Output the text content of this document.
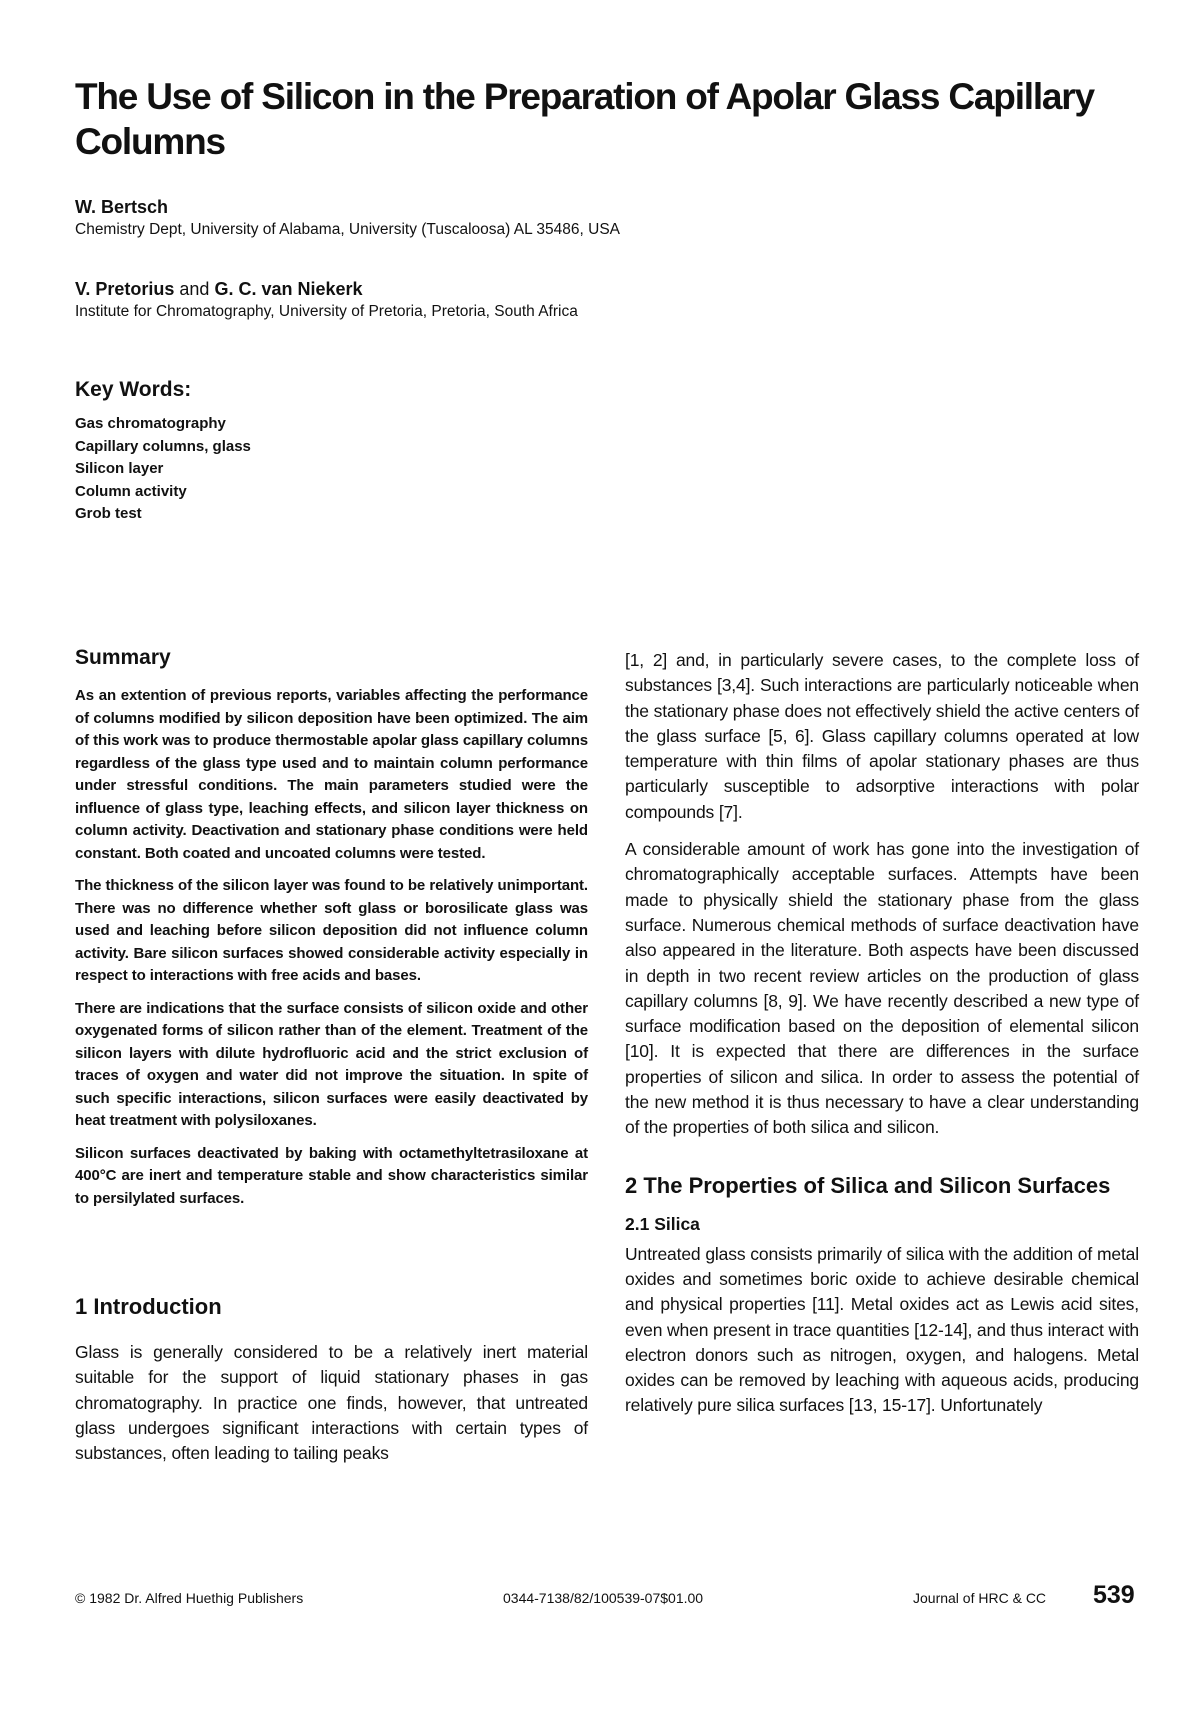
The Use of Silicon in the Preparation of Apolar Glass Capillary Columns
W. Bertsch
Chemistry Dept, University of Alabama, University (Tuscaloosa) AL 35486, USA
V. Pretorius and G. C. van Niekerk
Institute for Chromatography, University of Pretoria, Pretoria, South Africa
Key Words:
Gas chromatography
Capillary columns, glass
Silicon layer
Column activity
Grob test
Summary

As an extention of previous reports, variables affecting the performance of columns modified by silicon deposition have been optimized. The aim of this work was to produce thermostable apolar glass capillary columns regardless of the glass type used and to maintain column performance under stressful conditions. The main parameters studied were the influence of glass type, leaching effects, and silicon layer thickness on column activity. Deactivation and stationary phase conditions were held constant. Both coated and uncoated columns were tested.

The thickness of the silicon layer was found to be relatively unimportant. There was no difference whether soft glass or borosilicate glass was used and leaching before silicon deposition did not influence column activity. Bare silicon surfaces showed considerable activity especially in respect to interactions with free acids and bases.

There are indications that the surface consists of silicon oxide and other oxygenated forms of silicon rather than of the element. Treatment of the silicon layers with dilute hydrofluoric acid and the strict exclusion of traces of oxygen and water did not improve the situation. In spite of such specific interactions, silicon surfaces were easily deactivated by heat treatment with polysiloxanes.

Silicon surfaces deactivated by baking with octamethyltetrasiloxane at 400°C are inert and temperature stable and show characteristics similar to persilylated surfaces.

1 Introduction

Glass is generally considered to be a relatively inert material suitable for the support of liquid stationary phases in gas chromatography. In practice one finds, however, that untreated glass undergoes significant interactions with certain types of substances, often leading to tailing peaks

[1, 2] and, in particularly severe cases, to the complete loss of substances [3,4]. Such interactions are particularly noticeable when the stationary phase does not effectively shield the active centers of the glass surface [5, 6]. Glass capillary columns operated at low temperature with thin films of apolar stationary phases are thus particularly susceptible to adsorptive interactions with polar compounds [7].

A considerable amount of work has gone into the investigation of chromatographically acceptable surfaces. Attempts have been made to physically shield the stationary phase from the glass surface. Numerous chemical methods of surface deactivation have also appeared in the literature. Both aspects have been discussed in depth in two recent review articles on the production of glass capillary columns [8, 9]. We have recently described a new type of surface modification based on the deposition of elemental silicon [10]. It is expected that there are differences in the surface properties of silicon and silica. In order to assess the potential of the new method it is thus necessary to have a clear understanding of the properties of both silica and silicon.

2 The Properties of Silica and Silicon Surfaces
2.1 Silica

Untreated glass consists primarily of silica with the addition of metal oxides and sometimes boric oxide to achieve desirable chemical and physical properties [11]. Metal oxides act as Lewis acid sites, even when present in trace quantities [12-14], and thus interact with electron donors such as nitrogen, oxygen, and halogens. Metal oxides can be removed by leaching with aqueous acids, producing relatively pure silica surfaces [13, 15-17]. Unfortunately

© 1982 Dr. Alfred Huethig Publishers	0344-7138/82/100539-07$01.00	Journal of HRC & CC 539
